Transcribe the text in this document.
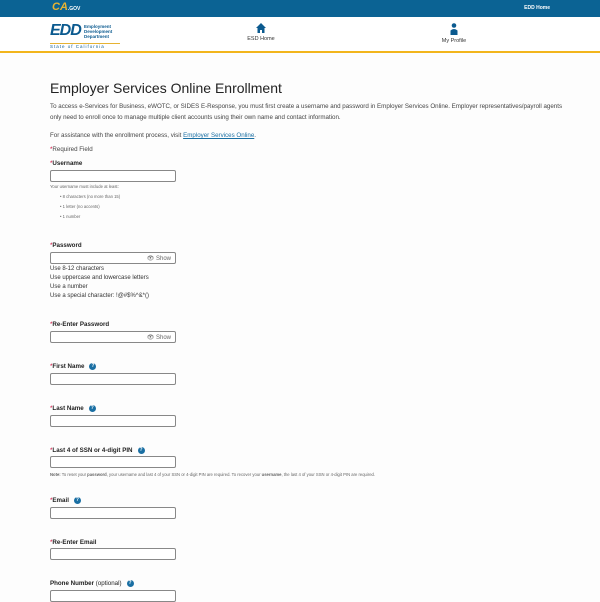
CA.GOV	EDD Home
EDD Employment
Development
Department
State of California
ESD Home	My Profile
Employer Services Online Enrollment
To access e-Services for Business, eWOTC, or SIDES E-Response, you must first create a username and password in Employer Services Online. Employer representatives/payroll agents only need to enroll once to manage multiple client accounts using their own name and contact information.
For assistance with the enrollment process, visit Employer Services Online.
*Required Field
*Username
Your username must include at least:
• 8 characters (no more than 15)
• 1 letter (no accents)
• 1 number
*Password
👁 Show
Use 8-12 characters
Use uppercase and lowercase letters
Use a number
Use a special character: !@#$%^&*()
*Re-Enter Password
👁 Show
*First Name ?
*Last Name ?
*Last 4 of SSN or 4-digit PIN ?
Note: To reset your password, your username and last 4 of your SSN or 4-digit PIN are required. To recover your username, the last 4 of your SSN or 4-digit PIN are required.
*Email ?
*Re-Enter Email
Phone Number (optional) ?
